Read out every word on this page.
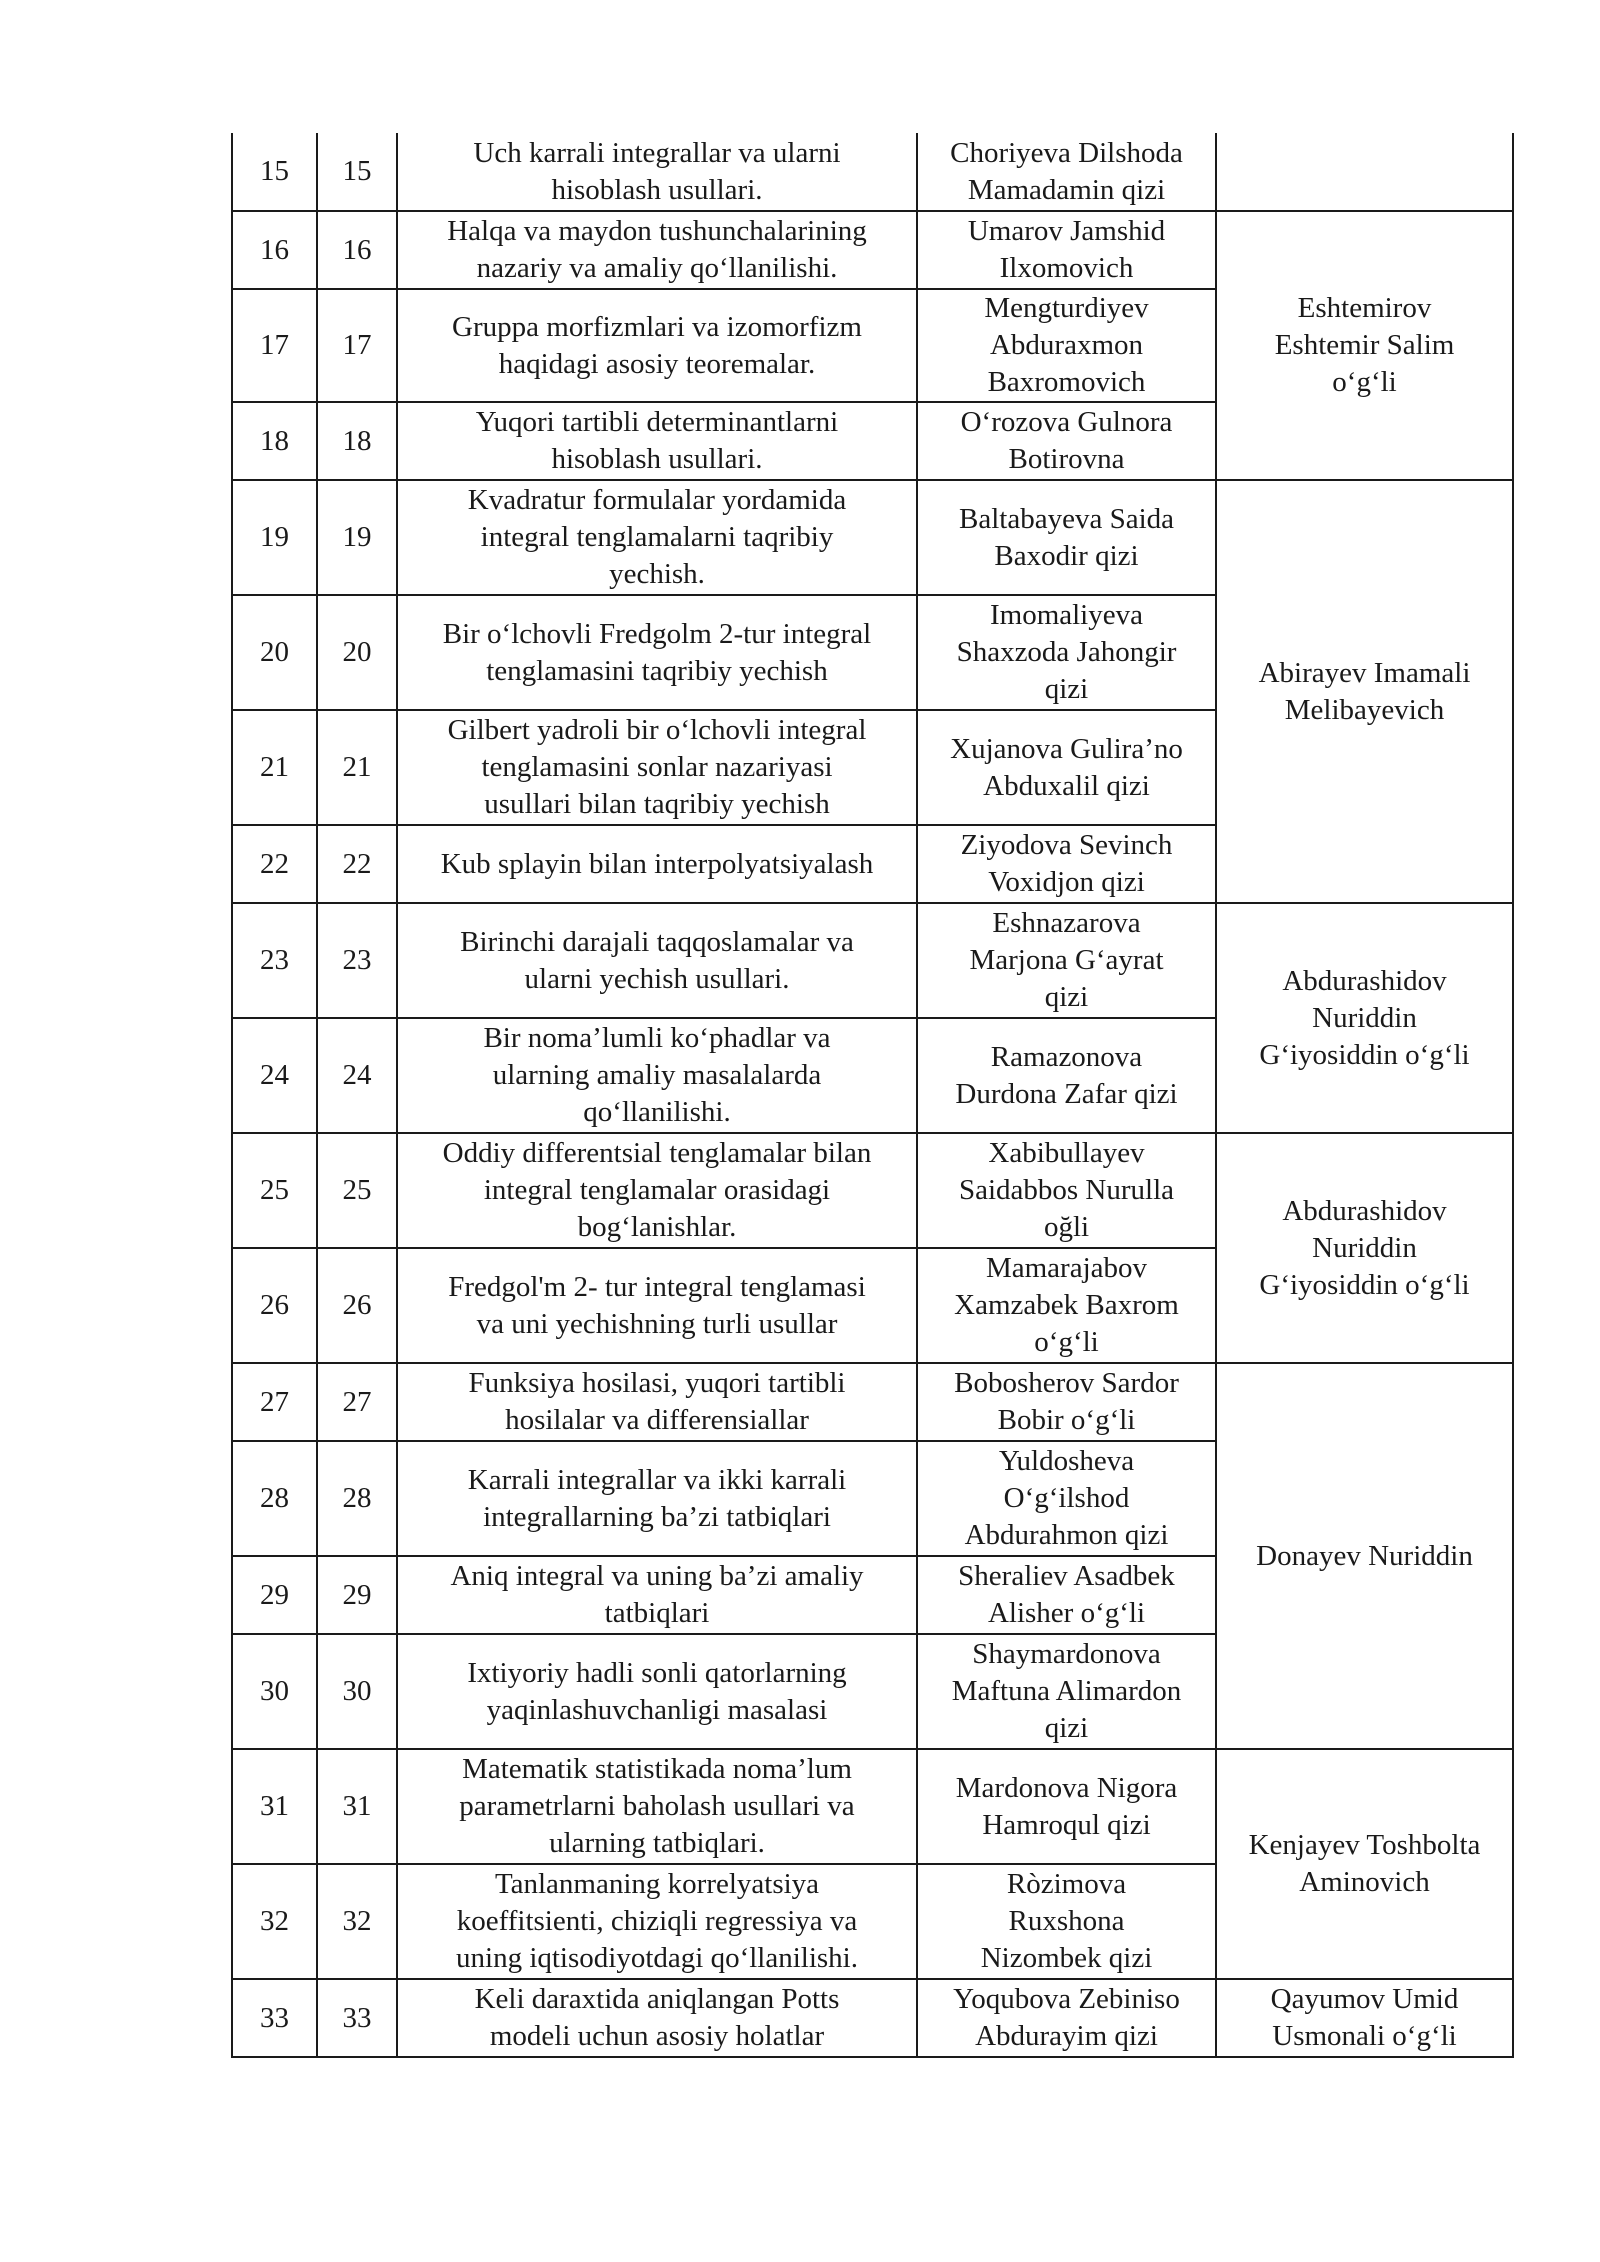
15	15	Uch karrali integrallar va ularni
hisoblash usullari.	Choriyeva Dilshoda
Mamadamin qizi	
16	16	Halqa va maydon tushunchalarining
nazariy va amaliy qo‘llanilishi.	Umarov Jamshid
Ilxomovich	Eshtemirov
Eshtemir Salim
o‘g‘li
17	17	Gruppa morfizmlari va izomorfizm
haqidagi asosiy teoremalar.	Mengturdiyev
Abduraxmon
Baxromovich	
18	18	Yuqori tartibli determinantlarni
hisoblash usullari.	O‘rozova Gulnora
Botirovna	
19	19	Kvadratur formulalar yordamida
integral tenglamalarni taqribiy
yechish.	Baltabayeva Saida
Baxodir qizi	Abirayev Imamali
Melibayevich
20	20	Bir o‘lchovli Fredgolm 2-tur integral
tenglamasini taqribiy yechish	Imomaliyeva
Shaxzoda Jahongir
qizi	
21	21	Gilbert yadroli bir o‘lchovli integral
tenglamasini sonlar nazariyasi
usullari bilan taqribiy yechish	Xujanova Gulira’no
Abduxalil qizi	
22	22	Kub splayin bilan interpolyatsiyalash	Ziyodova Sevinch
Voxidjon qizi	
23	23	Birinchi darajali taqqoslamalar va
ularni yechish usullari.	Eshnazarova
Marjona G‘ayrat
qizi	Abdurashidov
Nuriddin
G‘iyosiddin o‘g‘li
24	24	Bir noma’lumli ko‘phadlar va
ularning amaliy masalalarda
qo‘llanilishi.	Ramazonova
Durdona Zafar qizi	
25	25	Oddiy differentsial tenglamalar bilan
integral tenglamalar orasidagi
bog‘lanishlar.	Xabibullayev
Saidabbos Nurulla
oğli	Abdurashidov
Nuriddin
G‘iyosiddin o‘g‘li
26	26	Fredgol'm 2- tur integral tenglamasi
va uni yechishning turli usullar	Mamarajabov
Xamzabek Baxrom
o‘g‘li	
27	27	Funksiya hosilasi, yuqori tartibli
hosilalar va differensiallar	Bobosherov Sardor
Bobir o‘g‘li	Donayev Nuriddin
28	28	Karrali integrallar va ikki karrali
integrallarning ba’zi tatbiqlari	Yuldosheva
O‘g‘ilshod
Abdurahmon qizi	
29	29	Aniq integral va uning ba’zi amaliy
tatbiqlari	Sheraliev Asadbek
Alisher o‘g‘li	
30	30	Ixtiyoriy hadli sonli qatorlarning
yaqinlashuvchanligi masalasi	Shaymardonova
Maftuna Alimardon
qizi	
31	31	Matematik statistikada noma’lum
parametrlarni baholash usullari va
ularning tatbiqlari.	Mardonova Nigora
Hamroqul qizi	Kenjayev Toshbolta
Aminovich
32	32	Tanlanmaning korrelyatsiya
koeffitsienti, chiziqli regressiya va
uning iqtisodiyotdagi qo‘llanilishi.	Ròzimova
Ruxshona
Nizombek qizi	
33	33	Keli daraxtida aniqlangan Potts
modeli uchun asosiy holatlar	Yoqubova Zebiniso
Abdurayim qizi	Qayumov Umid
Usmonali o‘g‘li
